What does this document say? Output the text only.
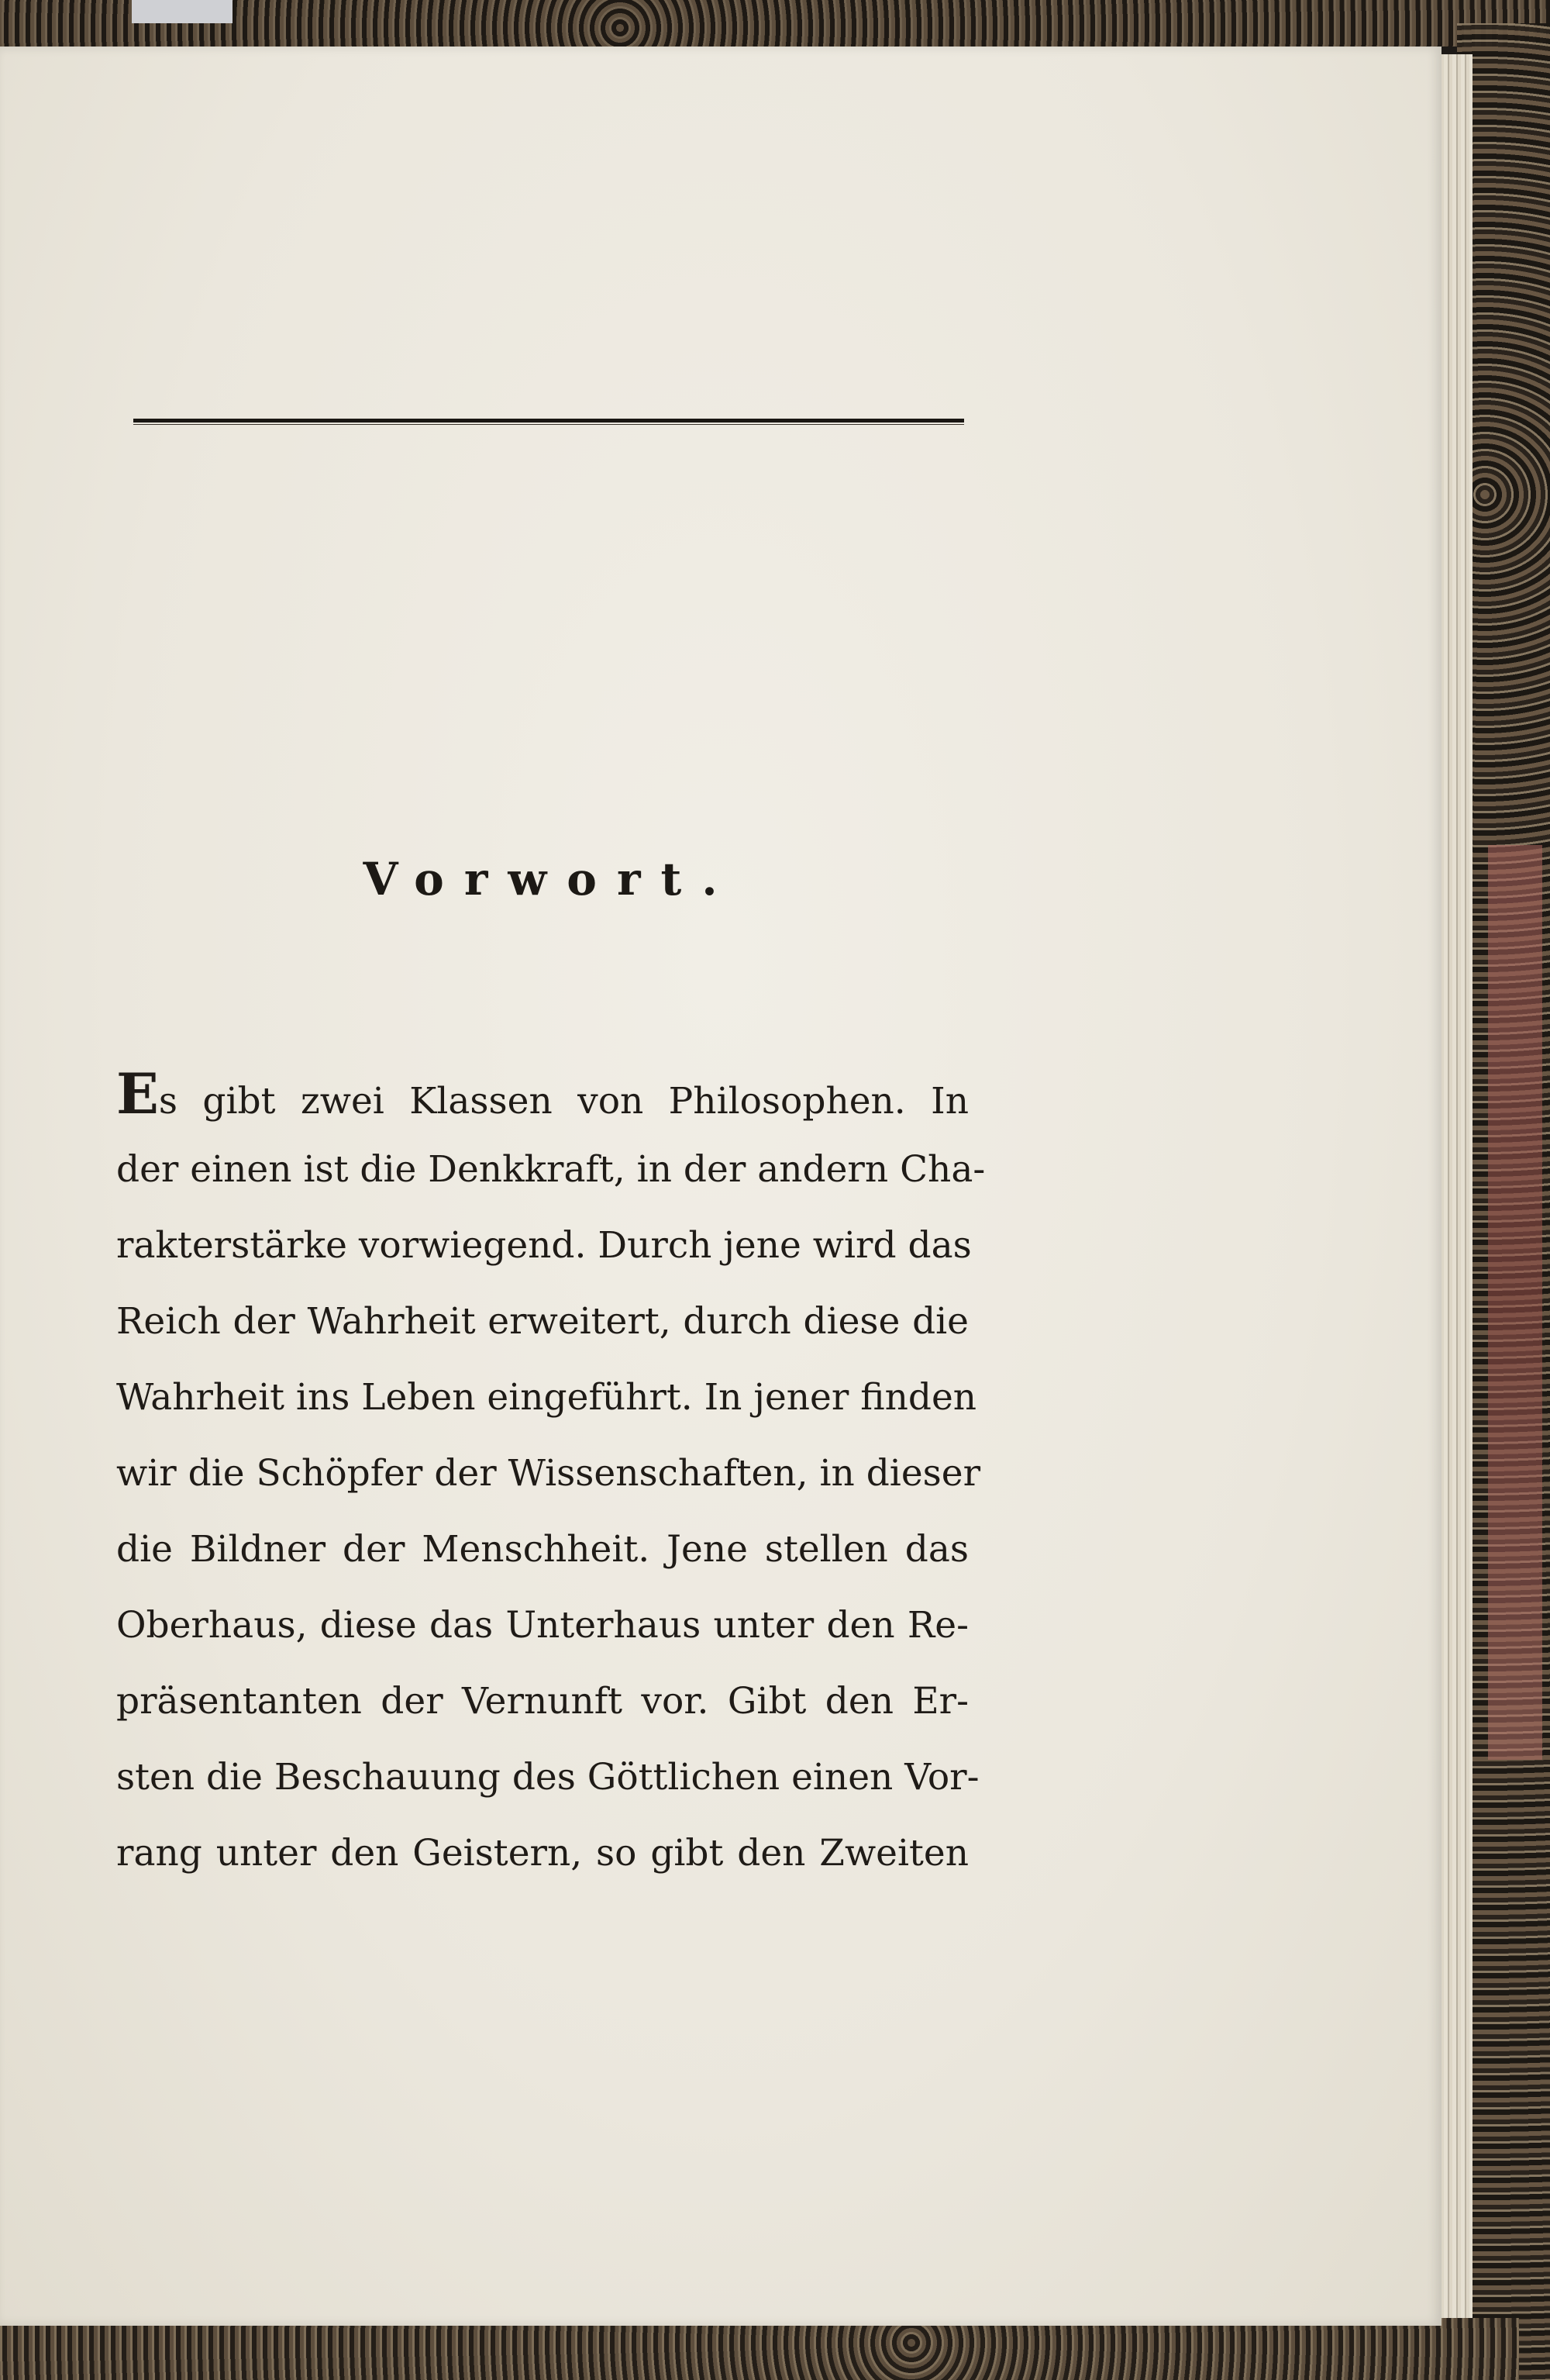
Vorwort.
Es gibt zwei Klassen von Philosophen. In
der einen ist die Denkkraft, in der andern Cha-
rakterstärke vorwiegend. Durch jene wird das
Reich der Wahrheit erweitert, durch diese die
Wahrheit ins Leben eingeführt. In jener finden
wir die Schöpfer der Wissenschaften, in dieser
die Bildner der Menschheit. Jene stellen das
Oberhaus, diese das Unterhaus unter den Re-
präsentanten der Vernunft vor. Gibt den Er-
sten die Beschauung des Göttlichen einen Vor-
rang unter den Geistern, so gibt den Zweiten
